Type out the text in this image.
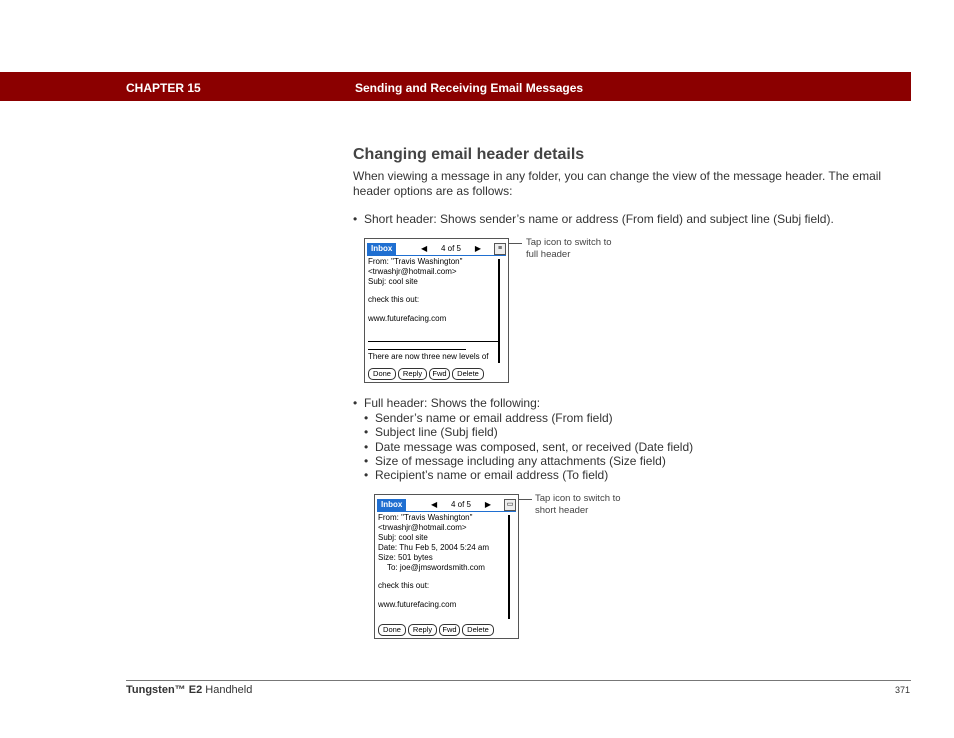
CHAPTER 15	Sending and Receiving Email Messages
Changing email header details

When viewing a message in any folder, you can change the view of the message header. The email header options are as follows:

• Short header: Shows sender’s name or address (From field) and subject line (Subj field).
Inbox	◀ 4 of 5 ▶	≡
From: "Travis Washington"
<trwashjr@hotmail.com>
Subj: cool site
check this out:
www.futurefacing.com
There are now three new levels of
Done	Reply	Fwd	Delete
Tap icon to switch to
full header
• Full header: Shows the following:
• Sender’s name or email address (From field)
• Subject line (Subj field)
• Date message was composed, sent, or received (Date field)
• Size of message including any attachments (Size field)
• Recipient’s name or email address (To field)
Inbox	◀ 4 of 5 ▶	▭
From: "Travis Washington"
<trwashjr@hotmail.com>
Subj: cool site
Date: Thu Feb 5, 2004 5:24 am
Size: 501 bytes
To: joe@jmswordsmith.com
check this out:
www.futurefacing.com
Done	Reply	Fwd	Delete
Tap icon to switch to
short header
Tungsten™ E2 Handheld	371
